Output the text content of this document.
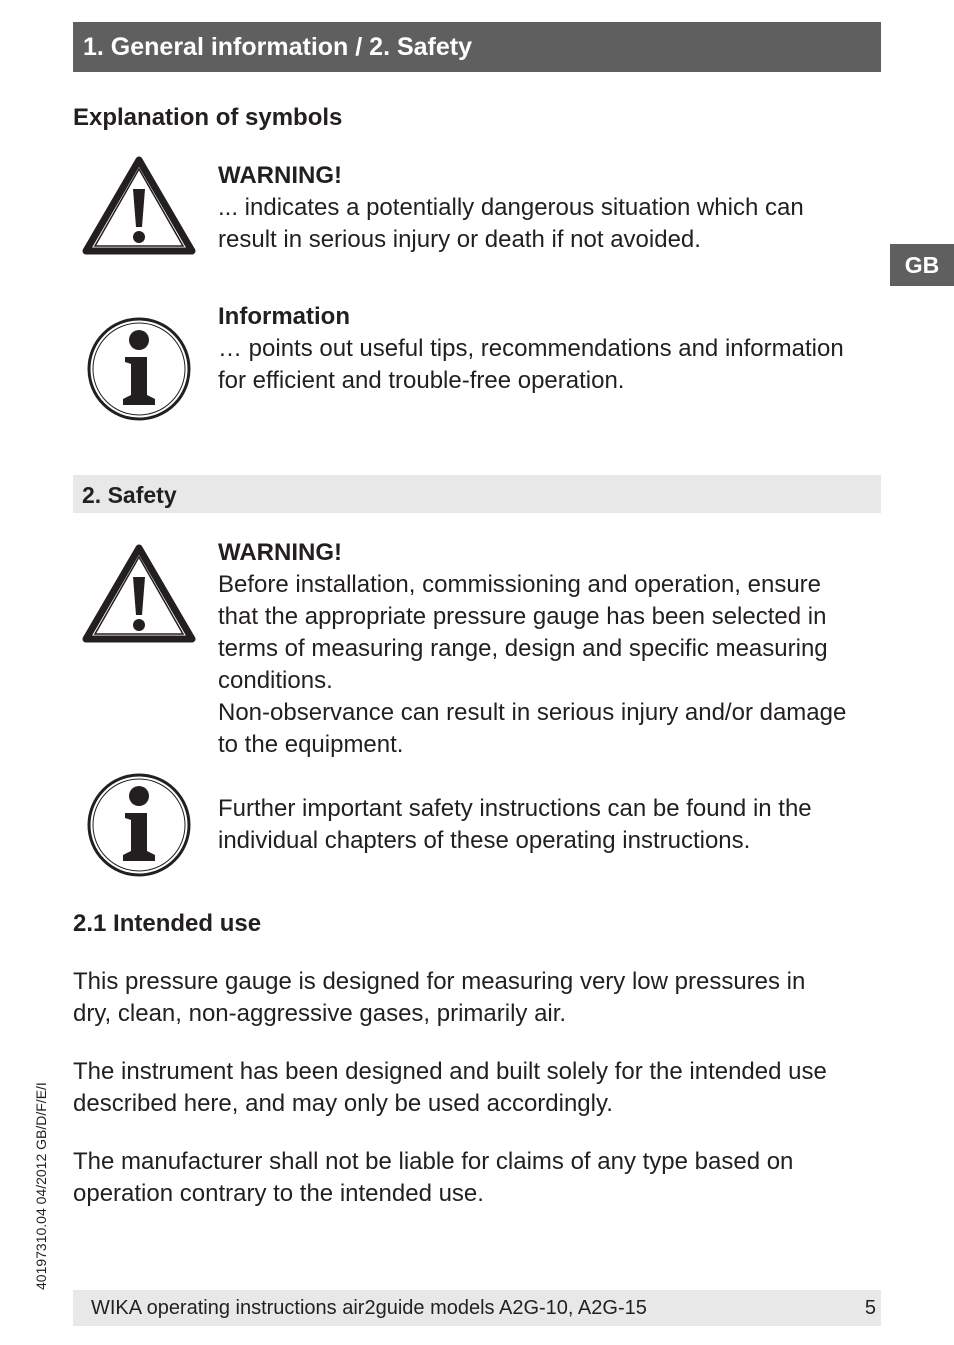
1. General information / 2. Safety
Explanation of symbols
WARNING!
... indicates a potentially dangerous situation which can
result in serious injury or death if not avoided.
Information
… points out useful tips, recommendations and information
for efficient and trouble-free operation.
2. Safety
WARNING!
Before installation, commissioning and operation, ensure
that the appropriate pressure gauge has been selected in
terms of measuring range, design and specific measuring
conditions.
Non-observance can result in serious injury and/or damage
to the equipment.
Further important safety instructions can be found in the
individual chapters of these operating instructions.
2.1 Intended use
This pressure gauge is designed for measuring very low pressures in
dry, clean, non-aggressive gases, primarily air.
The instrument has been designed and built solely for the intended use
described here, and may only be used accordingly.
The manufacturer shall not be liable for claims of any type based on
operation contrary to the intended use.
GB
40197310.04 04/2012 GB/D/F/E/I
WIKA operating instructions air2guide models A2G-10, A2G-15	5
